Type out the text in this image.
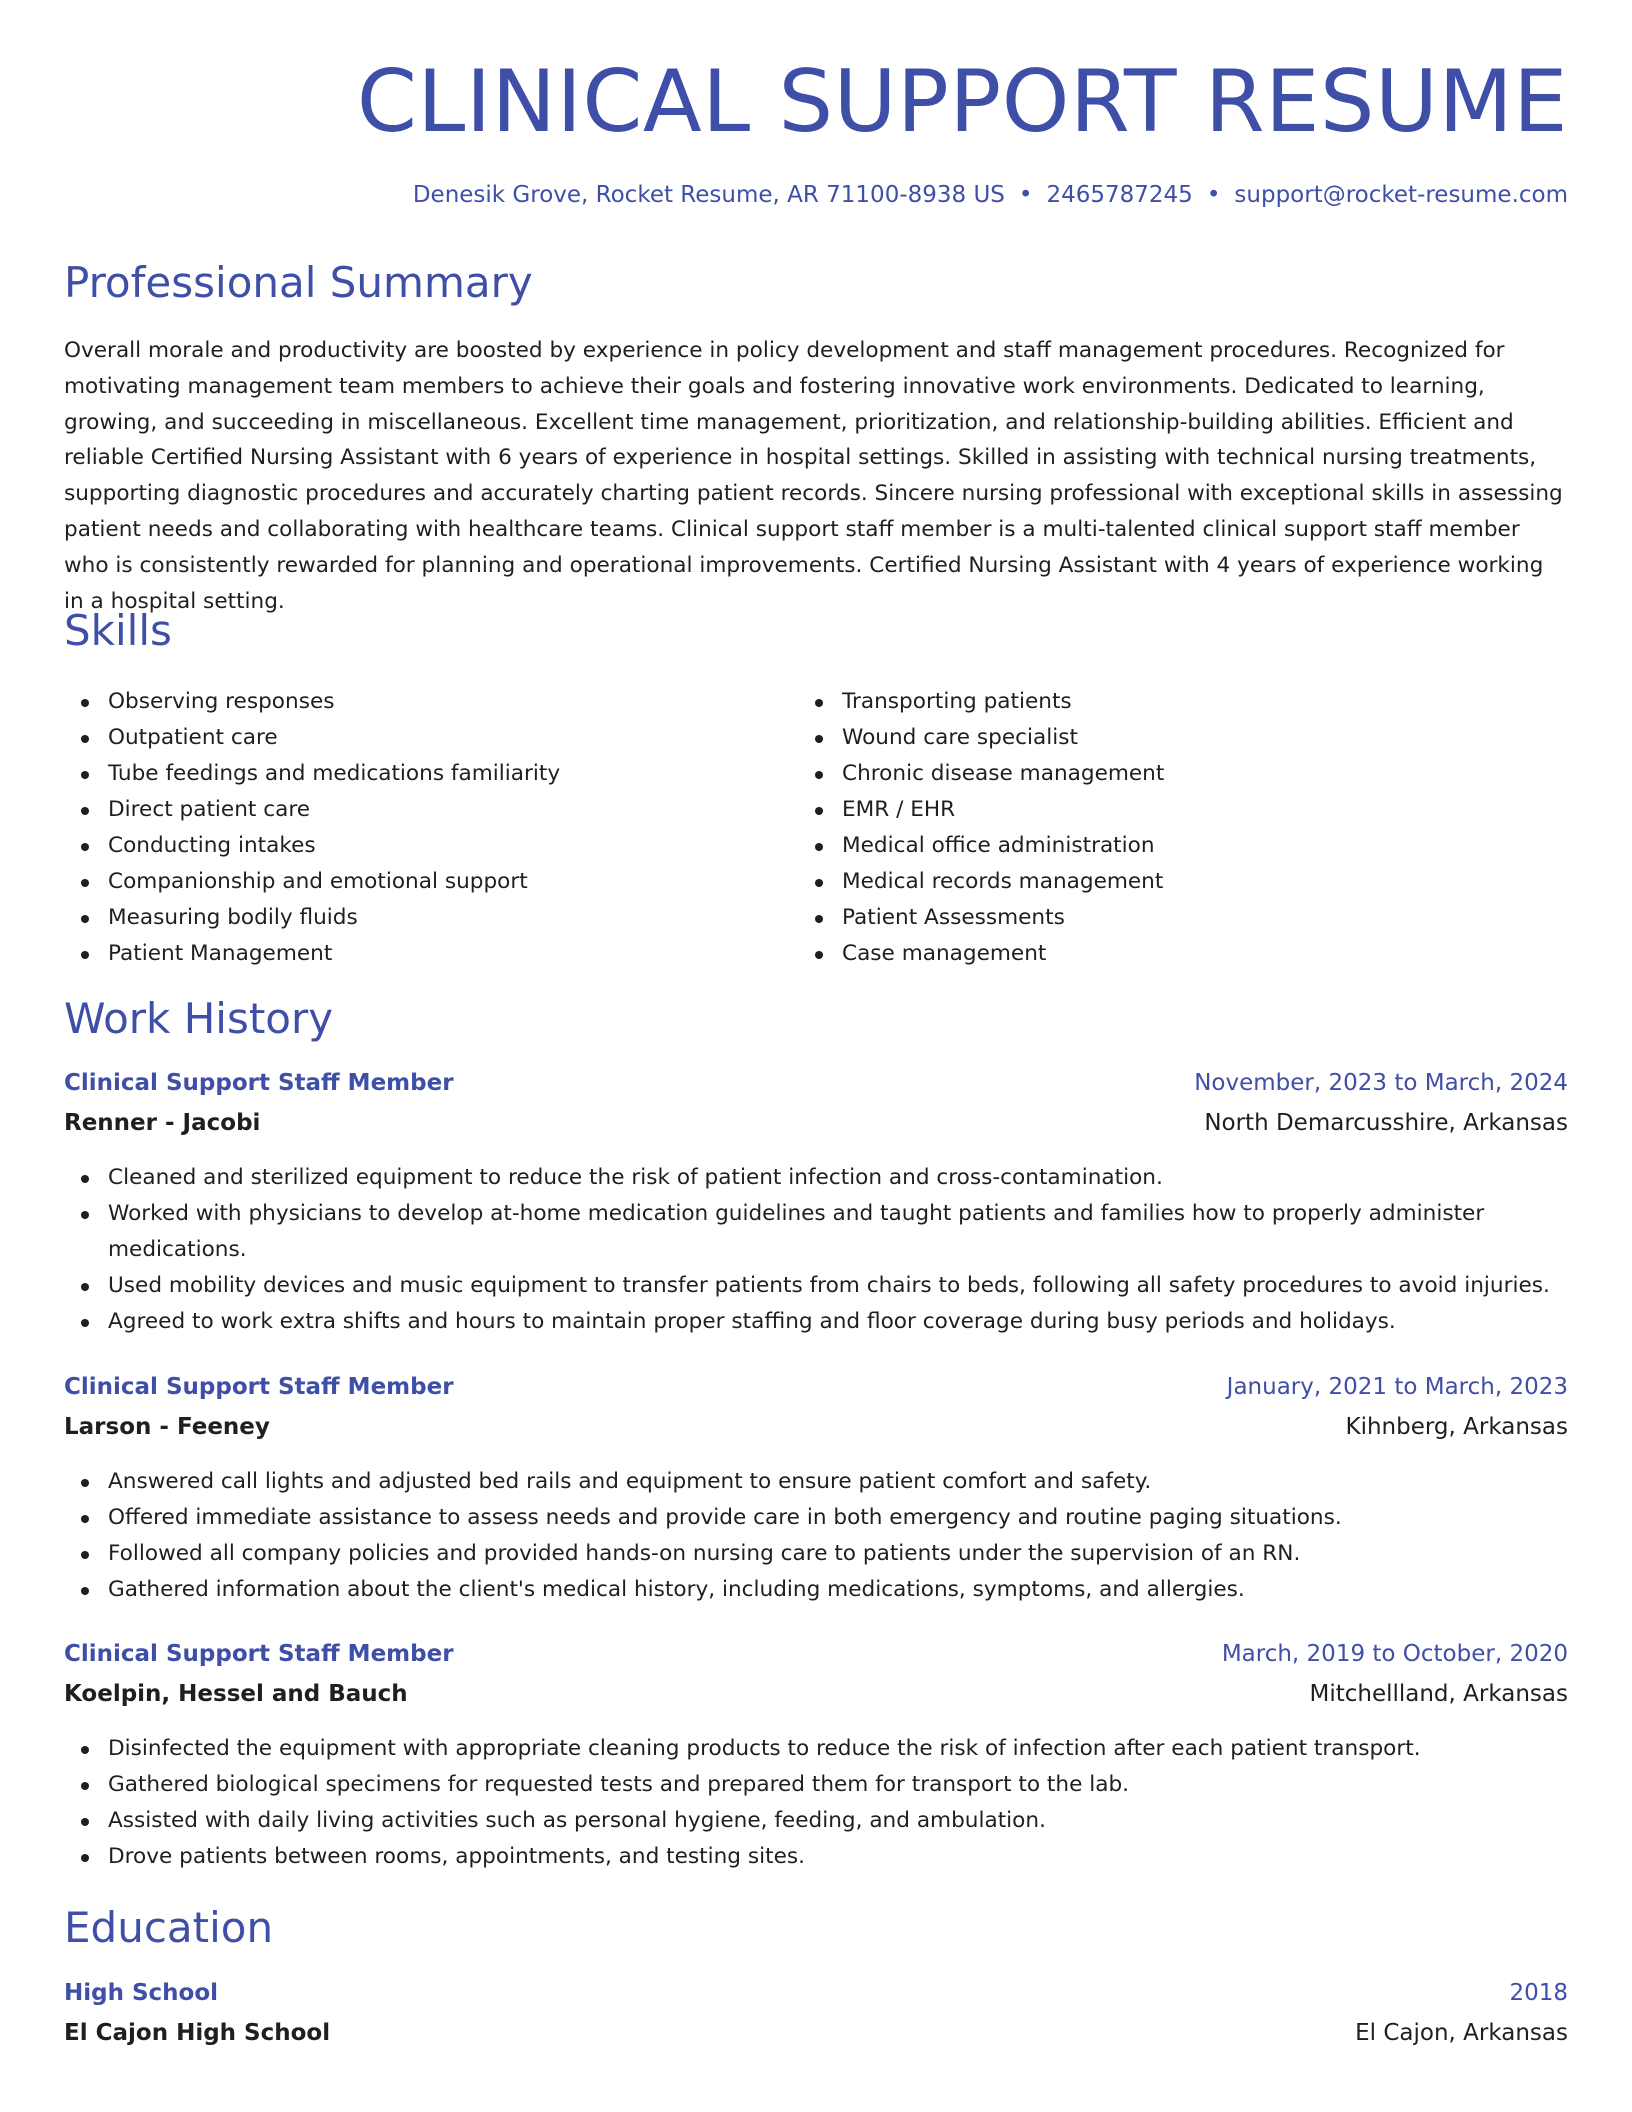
CLINICAL SUPPORT RESUME
Denesik Grove, Rocket Resume, AR 71100-8938 US • 2465787245 • support@rocket-resume.com
Professional Summary

Overall morale and productivity are boosted by experience in policy development and staff management procedures. Recognized for motivating management team members to achieve their goals and fostering innovative work environments. Dedicated to learning, growing, and succeeding in miscellaneous. Excellent time management, prioritization, and relationship-building abilities. Efficient and reliable Certified Nursing Assistant with 6 years of experience in hospital settings. Skilled in assisting with technical nursing treatments, supporting diagnostic procedures and accurately charting patient records. Sincere nursing professional with exceptional skills in assessing patient needs and collaborating with healthcare teams. Clinical support staff member is a multi-talented clinical support staff member who is consistently rewarded for planning and operational improvements. Certified Nursing Assistant with 4 years of experience working in a hospital setting.

Skills
Observing responses
Outpatient care
Tube feedings and medications familiarity
Direct patient care
Conducting intakes
Companionship and emotional support
Measuring bodily fluids
Patient Management
Transporting patients
Wound care specialist
Chronic disease management
EMR / EHR
Medical office administration
Medical records management
Patient Assessments
Case management
Work History
Clinical Support Staff Member	November, 2023 to March, 2024
Renner - Jacobi	North Demarcusshire, Arkansas
Cleaned and sterilized equipment to reduce the risk of patient infection and cross-contamination.
Worked with physicians to develop at-home medication guidelines and taught patients and families how to properly administer medications.
Used mobility devices and music equipment to transfer patients from chairs to beds, following all safety procedures to avoid injuries.
Agreed to work extra shifts and hours to maintain proper staffing and floor coverage during busy periods and holidays.
Clinical Support Staff Member	January, 2021 to March, 2023
Larson - Feeney	Kihnberg, Arkansas
Answered call lights and adjusted bed rails and equipment to ensure patient comfort and safety.
Offered immediate assistance to assess needs and provide care in both emergency and routine paging situations.
Followed all company policies and provided hands-on nursing care to patients under the supervision of an RN.
Gathered information about the client's medical history, including medications, symptoms, and allergies.
Clinical Support Staff Member	March, 2019 to October, 2020
Koelpin, Hessel and Bauch	Mitchellland, Arkansas
Disinfected the equipment with appropriate cleaning products to reduce the risk of infection after each patient transport.
Gathered biological specimens for requested tests and prepared them for transport to the lab.
Assisted with daily living activities such as personal hygiene, feeding, and ambulation.
Drove patients between rooms, appointments, and testing sites.
Education
High School	2018
El Cajon High School	El Cajon, Arkansas
